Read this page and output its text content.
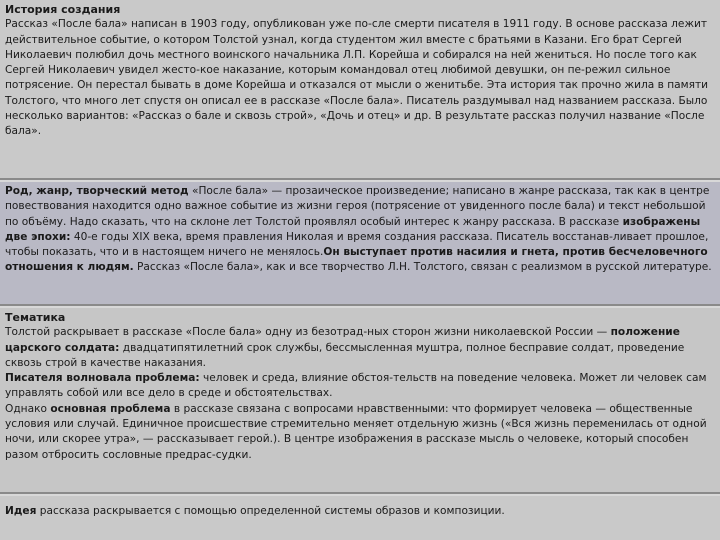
История создания

Рассказ «После бала» написан в 1903 году, опубликован уже по-сле смерти писателя в 1911 году. В основе рассказа лежит действительное событие, о котором Толстой узнал, когда студентом жил вместе с братьями в Казани. Его брат Сергей Николаевич полюбил дочь местного воинского начальника Л.П. Корейша и собирался на ней жениться. Но после того как Сергей Николаевич увидел жесто-кое наказание, которым командовал отец любимой девушки, он пе-режил сильное потрясение. Он перестал бывать в доме Корейша и отказался от мысли о женитьбе. Эта история так прочно жила в памяти Толстого, что много лет спустя он описал ее в рассказе «После бала». Писатель раздумывал над названием рассказа. Было несколько вариантов: «Рассказ о бале и сквозь строй», «Дочь и отец» и др. В результате рассказ получил название «После бала».

Род, жанр, творческий метод «После бала» — прозаическое произведение; написано в жанре рассказа, так как в центре повествования находится одно важное событие из жизни героя (потрясение от увиденного после бала) и текст небольшой по объёму. Надо сказать, что на склоне лет Толстой проявлял особый интерес к жанру рассказа. В рассказе изображены две эпохи: 40-е годы XIX века, время правления Николая и время создания рассказа. Писатель восстанав-ливает прошлое, чтобы показать, что и в настоящем ничего не менялось.Он выступает против насилия и гнета, против бесчеловечного отношения к людям. Рассказ «После бала», как и все творчество Л.Н. Толстого, связан с реализмом в русской литературе.

Тематика

Толстой раскрывает в рассказе «После бала» одну из безотрад-ных сторон жизни николаевской России — положение царского солдата: двадцатипятилетний срок службы, бессмысленная муштра, полное бесправие солдат, проведение сквозь строй в качестве наказания.

Писателя волновала проблема: человек и среда, влияние обстоя-тельств на поведение человека. Может ли человек сам управлять собой или все дело в среде и обстоятельствах.

Однако основная проблема в рассказе связана с вопросами нравственными: что формирует человека — общественные условия или случай. Единичное происшествие стремительно меняет отдельную жизнь («Вся жизнь переменилась от одной ночи, или скорее утра», — рассказывает герой.). В центре изображения в рассказе мысль о человеке, который способен разом отбросить сословные предрас-судки.

Идея рассказа раскрывается с помощью определенной системы образов и композиции.
